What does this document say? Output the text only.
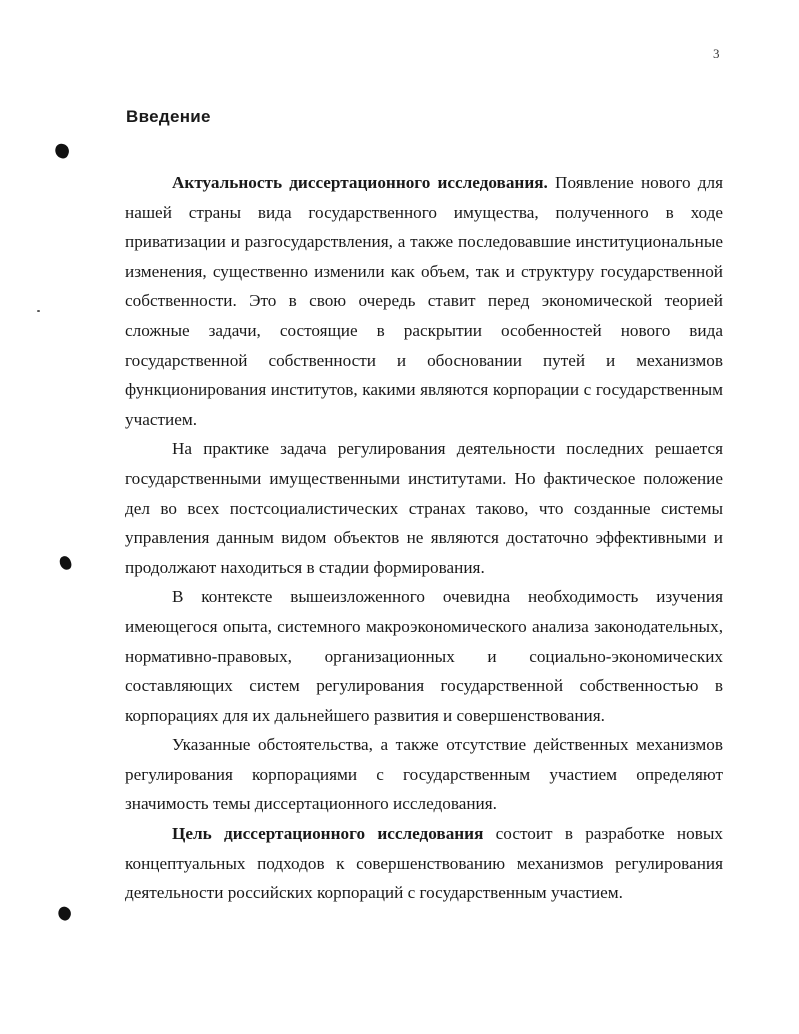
3
Введение

Актуальность диссертационного исследования. Появление нового для нашей страны вида государственного имущества, полученного в ходе приватизации и разгосударствления, а также последовавшие институциональные изменения, существенно изменили как объем, так и структуру государственной собственности. Это в свою очередь ставит перед экономической теорией сложные задачи, состоящие в раскрытии особенностей нового вида государственной собственности и обосновании путей и механизмов функционирования институтов, какими являются корпорации с государственным участием.

На практике задача регулирования деятельности последних решается государственными имущественными институтами. Но фактическое положение дел во всех постсоциалистических странах таково, что созданные системы управления данным видом объектов не являются достаточно эффективными и продолжают находиться в стадии формирования.

В контексте вышеизложенного очевидна необходимость изучения имеющегося опыта, системного макроэкономического анализа законодательных, нормативно-правовых, организационных и социально-экономических составляющих систем регулирования государственной собственностью в корпорациях для их дальнейшего развития и совершенствования.

Указанные обстоятельства, а также отсутствие действенных механизмов регулирования корпорациями с государственным участием определяют значимость темы диссертационного исследования.

Цель диссертационного исследования состоит в разработке новых концептуальных подходов к совершенствованию механизмов регулирования деятельности российских корпораций с государственным участием.
